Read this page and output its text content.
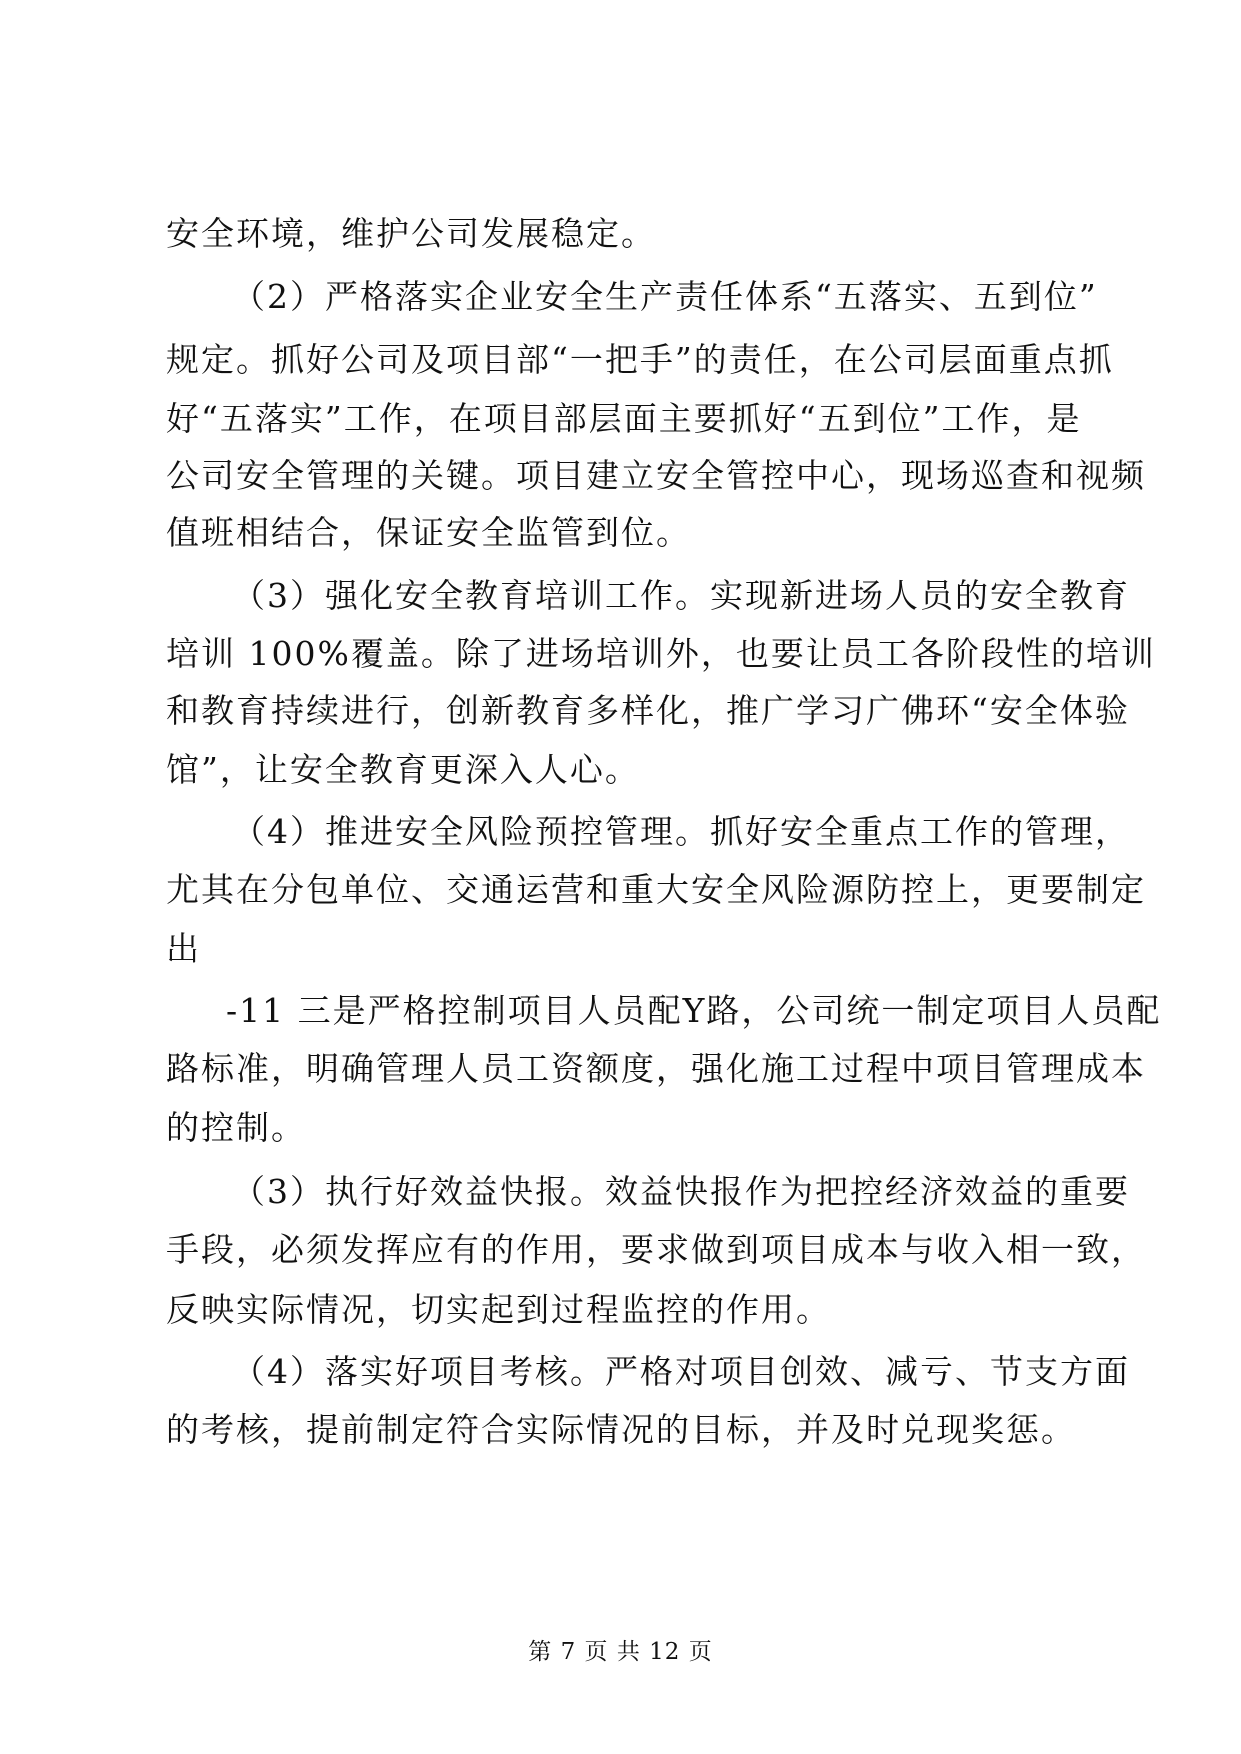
安全环境，维护公司发展稳定。
（2）严格落实企业安全生产责任体系“五落实、五到位”
规定。抓好公司及项目部“一把手”的责任，在公司层面重点抓
好“五落实”工作，在项目部层面主要抓好“五到位”工作，是
公司安全管理的关键。项目建立安全管控中心，现场巡查和视频
值班相结合，保证安全监管到位。
（3）强化安全教育培训工作。实现新进场人员的安全教育
培训 100%覆盖。除了进场培训外，也要让员工各阶段性的培训
和教育持续进行，创新教育多样化，推广学习广佛环“安全体验
馆”，让安全教育更深入人心。
（4）推进安全风险预控管理。抓好安全重点工作的管理，
尤其在分包单位、交通运营和重大安全风险源防控上，更要制定
出
-11 三是严格控制项目人员配Y路，公司统一制定项目人员配
路标准，明确管理人员工资额度，强化施工过程中项目管理成本
的控制。
（3）执行好效益快报。效益快报作为把控经济效益的重要
手段，必须发挥应有的作用，要求做到项目成本与收入相一致，
反映实际情况，切实起到过程监控的作用。
（4）落实好项目考核。严格对项目创效、减亏、节支方面
的考核，提前制定符合实际情况的目标，并及时兑现奖惩。
第 7 页 共 12 页
